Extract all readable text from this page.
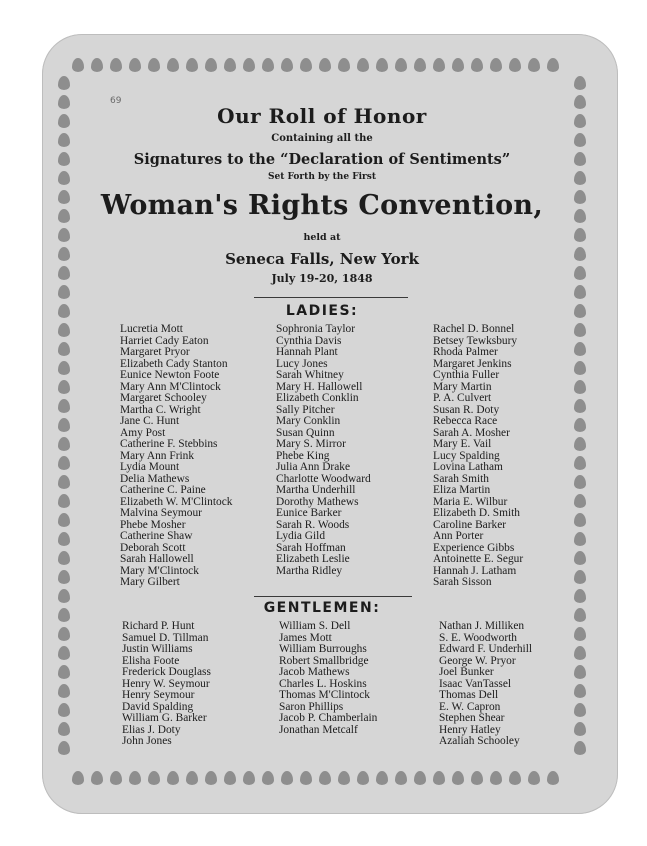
69
Our Roll of Honor
Containing all the
Signatures to the “Declaration of Sentiments”
Set Forth by the First
Woman's Rights Convention,
held at
Seneca Falls, New York
July 19-20, 1848
LADIES:
Lucretia Mott
Harriet Cady Eaton
Margaret Pryor
Elizabeth Cady Stanton
Eunice Newton Foote
Mary Ann M'Clintock
Margaret Schooley
Martha C. Wright
Jane C. Hunt
Amy Post
Catherine F. Stebbins
Mary Ann Frink
Lydia Mount
Delia Mathews
Catherine C. Paine
Elizabeth W. M'Clintock
Malvina Seymour
Phebe Mosher
Catherine Shaw
Deborah Scott
Sarah Hallowell
Mary M'Clintock
Mary Gilbert
Sophronia Taylor
Cynthia Davis
Hannah Plant
Lucy Jones
Sarah Whitney
Mary H. Hallowell
Elizabeth Conklin
Sally Pitcher
Mary Conklin
Susan Quinn
Mary S. Mirror
Phebe King
Julia Ann Drake
Charlotte Woodward
Martha Underhill
Dorothy Mathews
Eunice Barker
Sarah R. Woods
Lydia Gild
Sarah Hoffman
Elizabeth Leslie
Martha Ridley
Rachel D. Bonnel
Betsey Tewksbury
Rhoda Palmer
Margaret Jenkins
Cynthia Fuller
Mary Martin
P. A. Culvert
Susan R. Doty
Rebecca Race
Sarah A. Mosher
Mary E. Vail
Lucy Spalding
Lovina Latham
Sarah Smith
Eliza Martin
Maria E. Wilbur
Elizabeth D. Smith
Caroline Barker
Ann Porter
Experience Gibbs
Antoinette E. Segur
Hannah J. Latham
Sarah Sisson
GENTLEMEN:
Richard P. Hunt
Samuel D. Tillman
Justin Williams
Elisha Foote
Frederick Douglass
Henry W. Seymour
Henry Seymour
David Spalding
William G. Barker
Elias J. Doty
John Jones
William S. Dell
James Mott
William Burroughs
Robert Smallbridge
Jacob Mathews
Charles L. Hoskins
Thomas M'Clintock
Saron Phillips
Jacob P. Chamberlain
Jonathan Metcalf
Nathan J. Milliken
S. E. Woodworth
Edward F. Underhill
George W. Pryor
Joel Bunker
Isaac VanTassel
Thomas Dell
E. W. Capron
Stephen Shear
Henry Hatley
Azaliah Schooley
